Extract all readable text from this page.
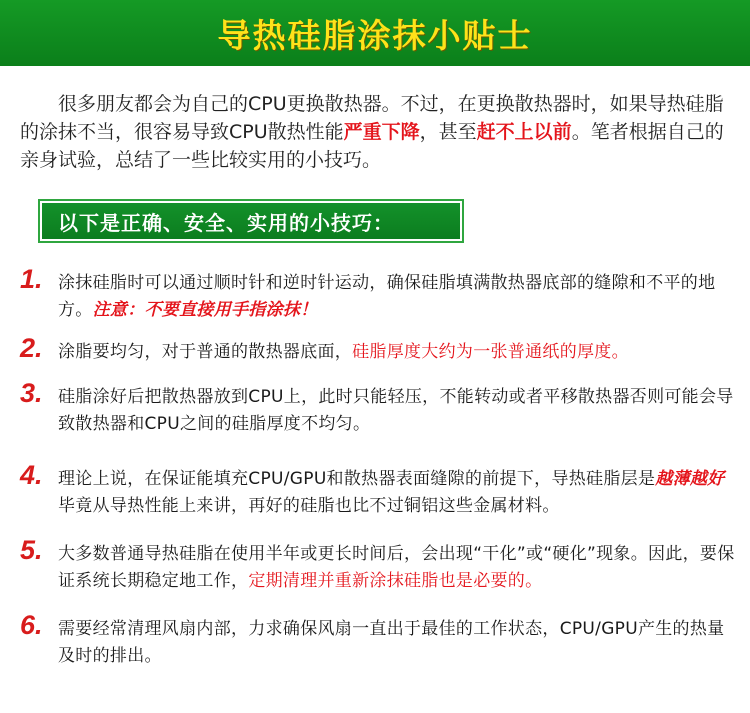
导热硅脂涂抹小贴士
很多朋友都会为自己的CPU更换散热器。不过，在更换散热器时，如果导热硅脂的涂抹不当，很容易导致CPU散热性能严重下降，甚至赶不上以前。笔者根据自己的亲身试验，总结了一些比较实用的小技巧。
以下是正确、安全、实用的小技巧：
1. 涂抹硅脂时可以通过顺时针和逆时针运动，确保硅脂填满散热器底部的缝隙和不平的地方。注意：不要直接用手指涂抹！
2. 涂脂要均匀，对于普通的散热器底面，硅脂厚度大约为一张普通纸的厚度。
3. 硅脂涂好后把散热器放到CPU上，此时只能轻压，不能转动或者平移散热器否则可能会导致散热器和CPU之间的硅脂厚度不均匀。
4. 理论上说，在保证能填充CPU/GPU和散热器表面缝隙的前提下，导热硅脂层是越薄越好毕竟从导热性能上来讲，再好的硅脂也比不过铜铝这些金属材料。
5. 大多数普通导热硅脂在使用半年或更长时间后，会出现“干化”或“硬化”现象。因此，要保证系统长期稳定地工作，定期清理并重新涂抹硅脂也是必要的。
6. 需要经常清理风扇内部，力求确保风扇一直出于最佳的工作状态，CPU/GPU产生的热量及时的排出。
